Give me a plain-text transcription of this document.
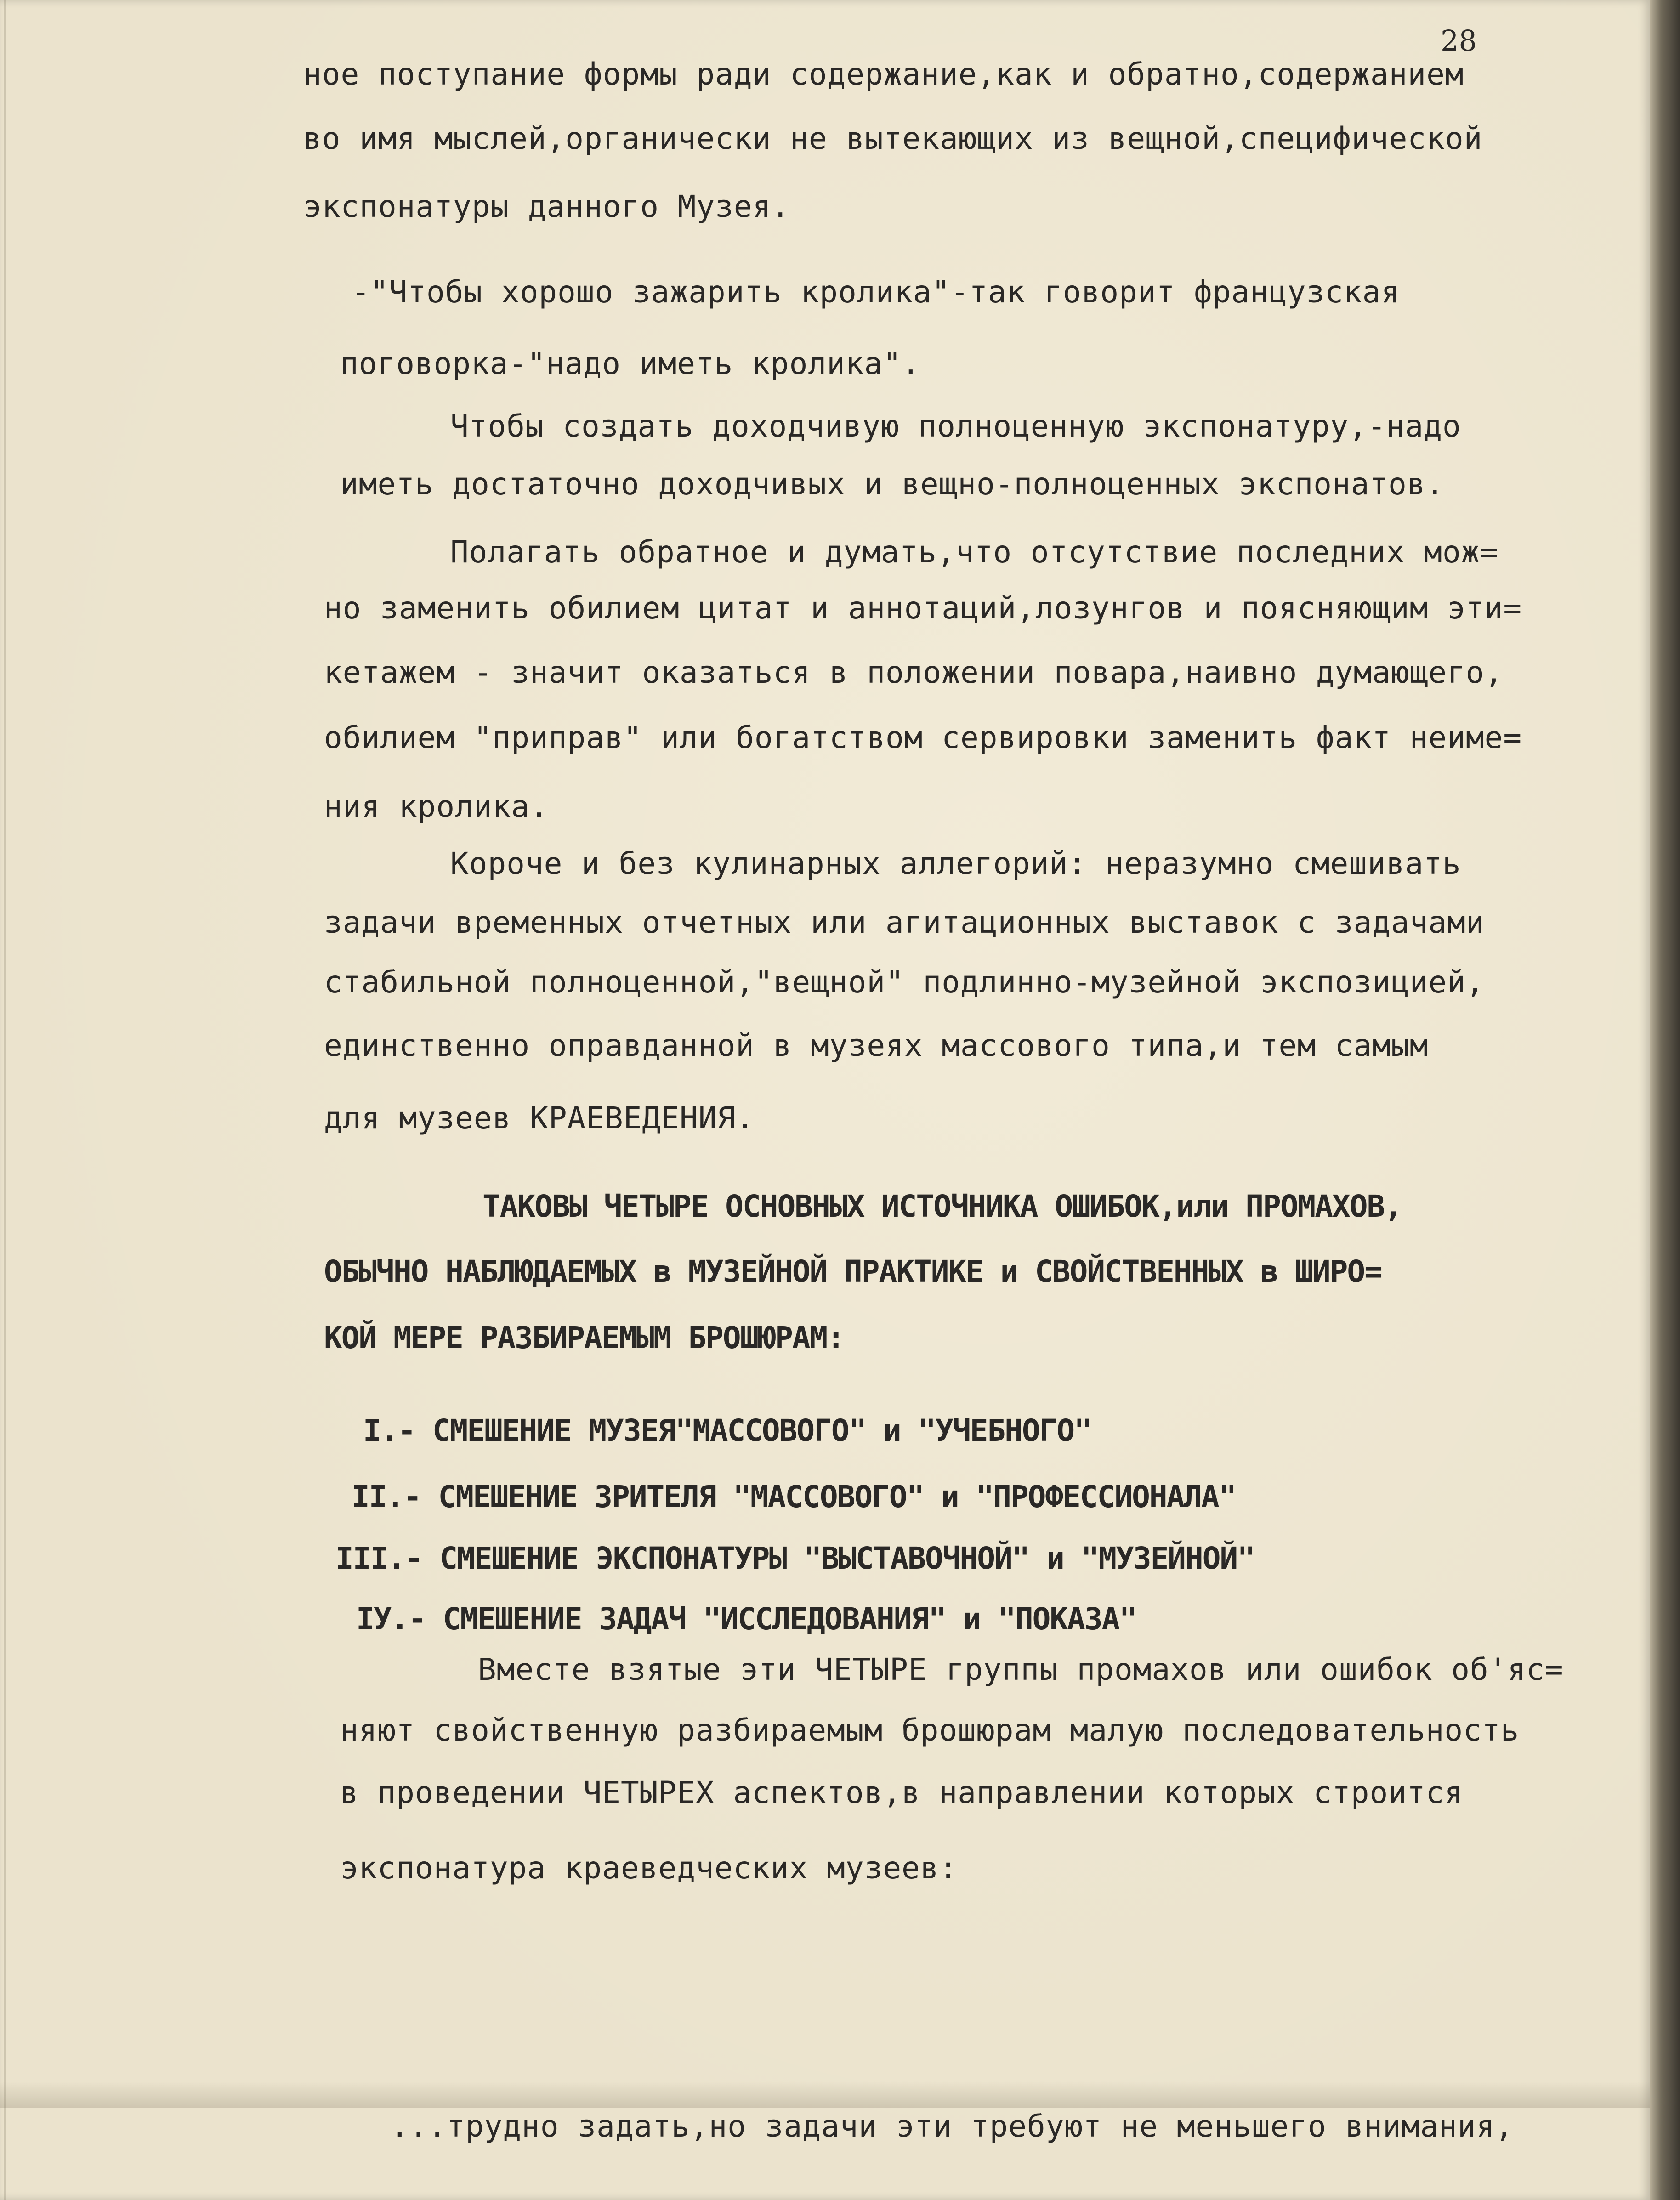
28
ное поступание формы ради содержание,как и обратно,содержанием
во имя мыслей,органически не вытекающих из вещной,специфической
экспонатуры данного Музея.
-"Чтобы хорошо зажарить кролика"-так говорит французская
поговорка-"надо иметь кролика".
Чтобы создать доходчивую полноценную экспонатуру,-надо
иметь достаточно доходчивых и вещно-полноценных экспонатов.
Полагать обратное и думать,что отсутствие последних мож=
но заменить обилием цитат и аннотаций,лозунгов и поясняющим эти=
кетажем - значит оказаться в положении повара,наивно думающего,
обилием "приправ" или богатством сервировки заменить факт неиме=
ния кролика.
Короче и без кулинарных аллегорий: неразумно смешивать
задачи временных отчетных или агитационных выставок с задачами
стабильной полноценной,"вещной" подлинно-музейной экспозицией,
единственно оправданной в музеях массового типа,и тем самым
для музеев КРАЕВЕДЕНИЯ.
ТАКОВЫ ЧЕТЫРЕ ОСНОВНЫХ ИСТОЧНИКА ОШИБОК,или ПРОМАХОВ,
ОБЫЧНО НАБЛЮДАЕМЫХ в МУЗЕЙНОЙ ПРАКТИКЕ и СВОЙСТВЕННЫХ в ШИРО=
КОЙ МЕРЕ РАЗБИРАЕМЫМ БРОШЮРАМ:
I.- СМЕШЕНИЕ МУЗЕЯ"МАССОВОГО" и "УЧЕБНОГО"
II.- СМЕШЕНИЕ ЗРИТЕЛЯ "МАССОВОГО" и "ПРОФЕССИОНАЛА"
III.- СМЕШЕНИЕ ЭКСПОНАТУРЫ "ВЫСТАВОЧНОЙ" и "МУЗЕЙНОЙ"
IУ.- СМЕШЕНИЕ ЗАДАЧ "ИССЛЕДОВАНИЯ" и "ПОКАЗА"
Вместе взятые эти ЧЕТЫРЕ группы промахов или ошибок об'яс=
няют свойственную разбираемым брошюрам малую последовательность
в проведении ЧЕТЫРЕХ аспектов,в направлении которых строится
экспонатура краеведческих музеев:
...трудно задать,но задачи эти требуют не меньшего внимания,
